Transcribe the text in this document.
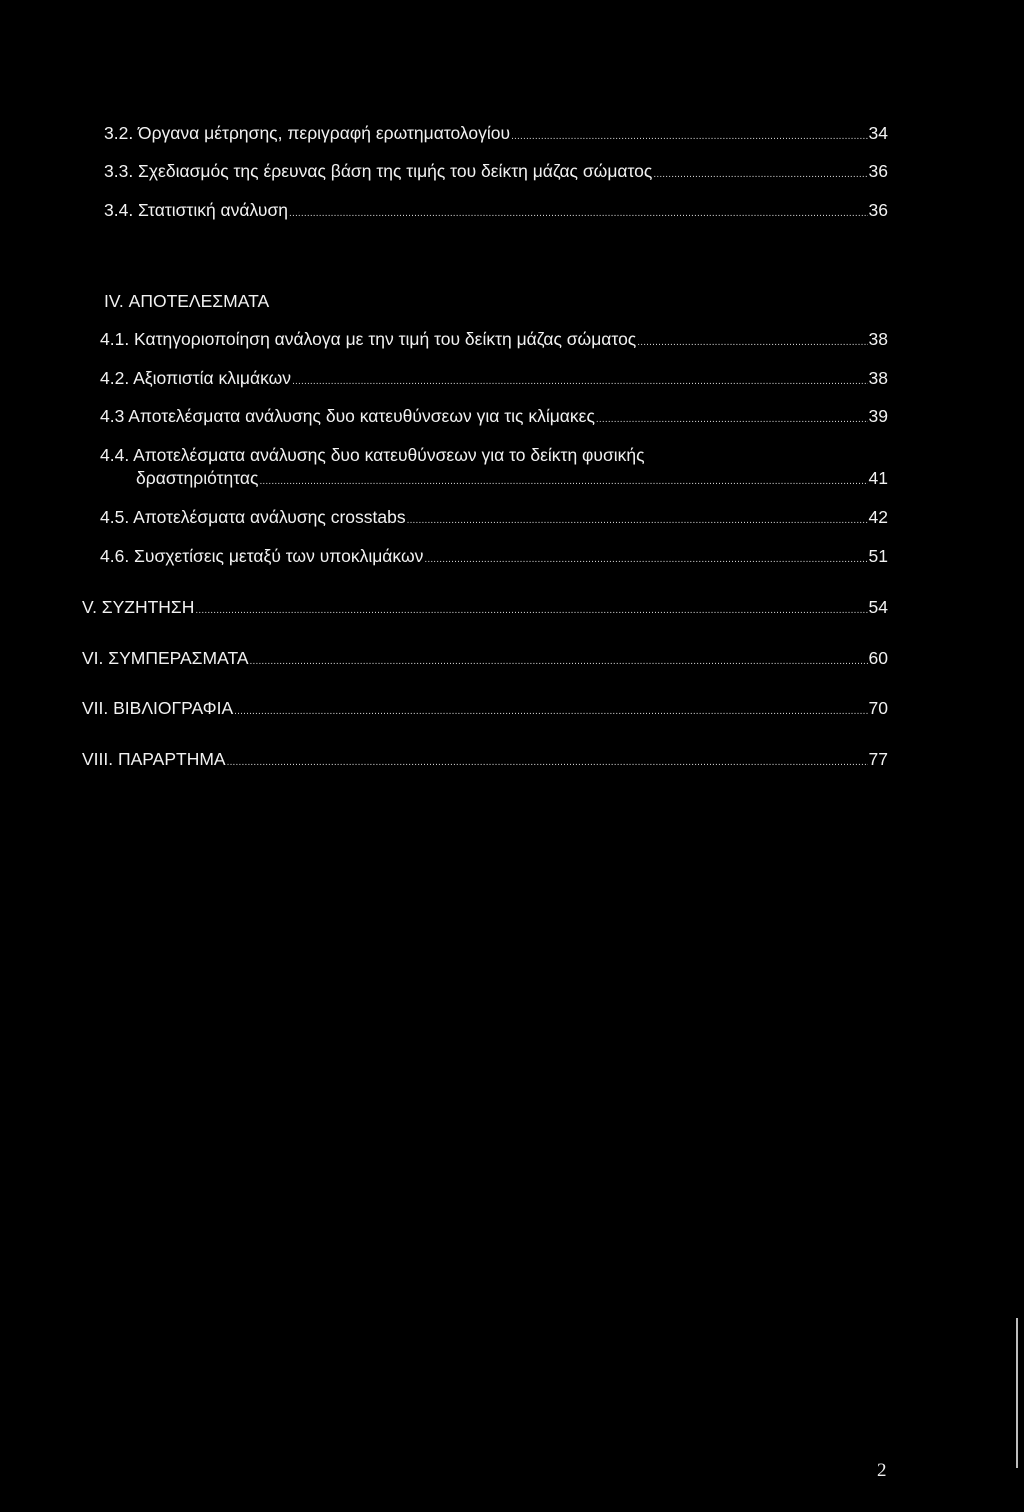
3.2. Όργανα μέτρησης, περιγραφή ερωτηματολογίου .....	34
3.3. Σχεδιασμός της έρευνας βάση της τιμής του δείκτη μάζας σώματος .....	36
3.4. Στατιστική ανάλυση .....	36
IV. ΑΠΟΤΕΛΕΣΜΑΤΑ
4.1. Κατηγοριοποίηση ανάλογα με την τιμή του δείκτη μάζας σώματος .....	38
4.2. Αξιοπιστία κλιμάκων .....	38
4.3 Αποτελέσματα ανάλυσης δυο κατευθύνσεων για τις κλίμακες .....	39
4.4. Αποτελέσματα ανάλυσης δυο κατευθύνσεων για το δείκτη φυσικής
δραστηριότητας .....	41
4.5. Αποτελέσματα ανάλυσης crosstabs .....	42
4.6. Συσχετίσεις μεταξύ των υποκλιμάκων .....	51
V. ΣΥΖΗΤΗΣΗ .....	54
VI. ΣΥΜΠΕΡΑΣΜΑΤΑ .....	60
VII. ΒΙΒΛΙΟΓΡΑΦΙΑ .....	70
VIII. ΠΑΡΑΡΤΗΜΑ .....	77
2
